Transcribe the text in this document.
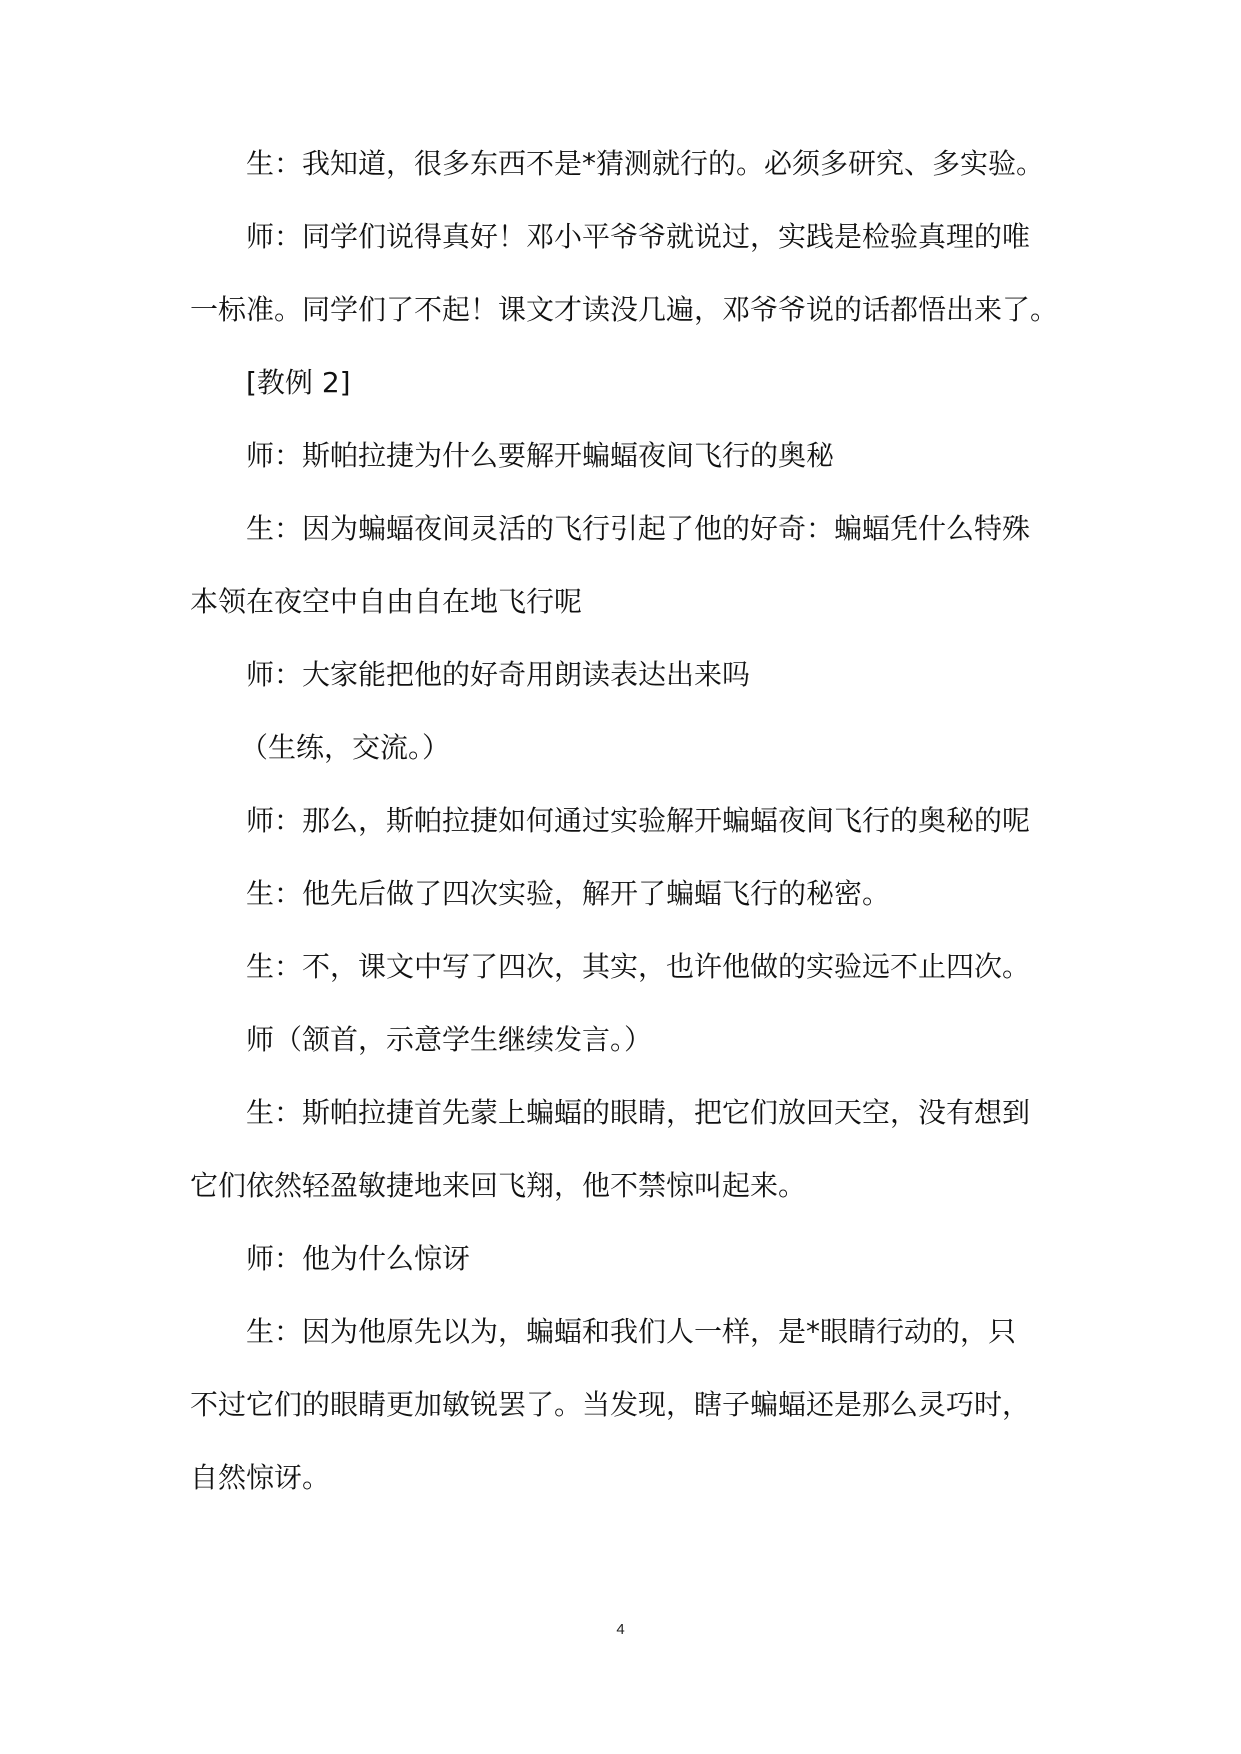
生：我知道，很多东西不是*猜测就行的。必须多研究、多实验。
师：同学们说得真好！邓小平爷爷就说过，实践是检验真理的唯
一标准。同学们了不起！课文才读没几遍，邓爷爷说的话都悟出来了。
[教例 2]
师：斯帕拉捷为什么要解开蝙蝠夜间飞行的奥秘
生：因为蝙蝠夜间灵活的飞行引起了他的好奇：蝙蝠凭什么特殊
本领在夜空中自由自在地飞行呢
师：大家能把他的好奇用朗读表达出来吗
（生练，交流。）
师：那么，斯帕拉捷如何通过实验解开蝙蝠夜间飞行的奥秘的呢
生：他先后做了四次实验，解开了蝙蝠飞行的秘密。
生：不，课文中写了四次，其实，也许他做的实验远不止四次。
师（颔首，示意学生继续发言。）
生：斯帕拉捷首先蒙上蝙蝠的眼睛，把它们放回天空，没有想到
它们依然轻盈敏捷地来回飞翔，他不禁惊叫起来。
师：他为什么惊讶
生：因为他原先以为，蝙蝠和我们人一样，是*眼睛行动的，只
不过它们的眼睛更加敏锐罢了。当发现，瞎子蝙蝠还是那么灵巧时，
自然惊讶。
4
